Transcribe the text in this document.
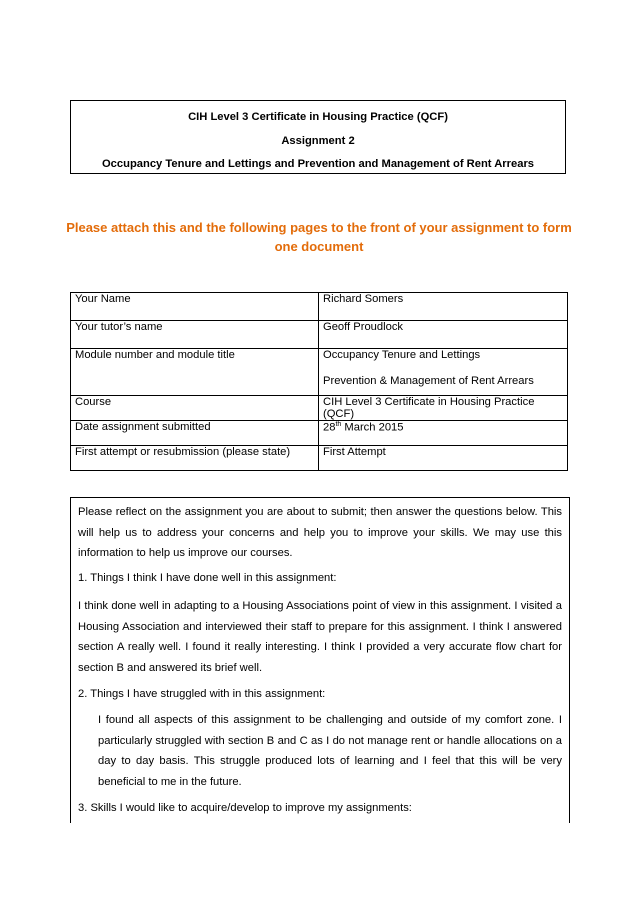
CIH Level 3 Certificate in Housing Practice (QCF)
Assignment 2
Occupancy Tenure and Lettings and Prevention and Management of Rent Arrears
Please attach this and the following pages to the front of your assignment to form one document
Your Name	Richard Somers
Your tutor’s name	Geoff Proudlock
Module number and module title	Occupancy Tenure and Lettings
Prevention & Management of Rent Arrears

Course	CIH Level 3 Certificate in Housing Practice (QCF)
Date assignment submitted	28th March 2015
First attempt or resubmission (please state)	First Attempt

Please reflect on the assignment you are about to submit; then answer the questions below. This will help us to address your concerns and help you to improve your skills. We may use this information to help us improve our courses.

1. Things I think I have done well in this assignment:

I think done well in adapting to a Housing Associations point of view in this assignment. I visited a Housing Association and interviewed their staff to prepare for this assignment. I think I answered section A really well. I found it really interesting. I think I provided a very accurate flow chart for section B and answered its brief well.

2. Things I have struggled with in this assignment:

I found all aspects of this assignment to be challenging and outside of my comfort zone. I particularly struggled with section B and C as I do not manage rent or handle allocations on a day to day basis. This struggle produced lots of learning and I feel that this will be very beneficial to me in the future.

3. Skills I would like to acquire/develop to improve my assignments:
